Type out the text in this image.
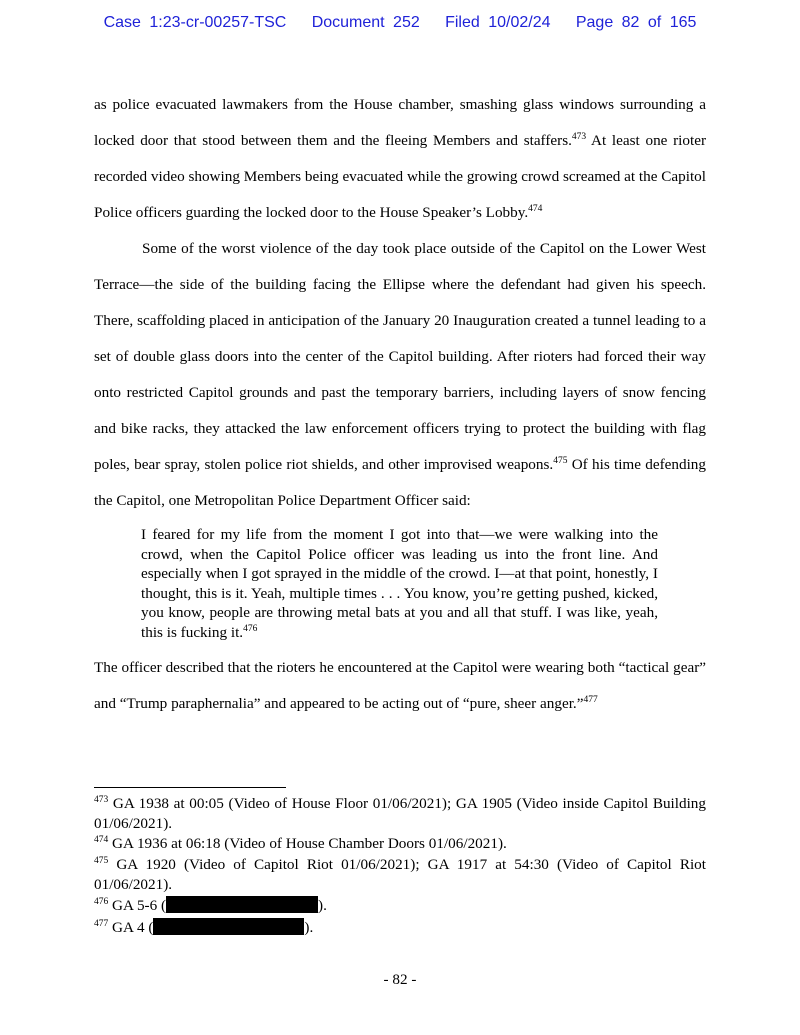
Case 1:23-cr-00257-TSC Document 252 Filed 10/02/24 Page 82 of 165
as police evacuated lawmakers from the House chamber, smashing glass windows surrounding a locked door that stood between them and the fleeing Members and staffers.$^{473}$ At least one rioter recorded video showing Members being evacuated while the growing crowd screamed at the Capitol Police officers guarding the locked door to the House Speaker’s Lobby.$^{474}$
Some of the worst violence of the day took place outside of the Capitol on the Lower West Terrace—the side of the building facing the Ellipse where the defendant had given his speech. There, scaffolding placed in anticipation of the January 20 Inauguration created a tunnel leading to a set of double glass doors into the center of the Capitol building. After rioters had forced their way onto restricted Capitol grounds and past the temporary barriers, including layers of snow fencing and bike racks, they attacked the law enforcement officers trying to protect the building with flag poles, bear spray, stolen police riot shields, and other improvised weapons.$^{475}$ Of his time defending the Capitol, one Metropolitan Police Department Officer said:
I feared for my life from the moment I got into that—we were walking into the crowd, when the Capitol Police officer was leading us into the front line. And especially when I got sprayed in the middle of the crowd. I—at that point, honestly, I thought, this is it. Yeah, multiple times . . . You know, you’re getting pushed, kicked, you know, people are throwing metal bats at you and all that stuff. I was like, yeah, this is fucking it.$^{476}$
The officer described that the rioters he encountered at the Capitol were wearing both “tactical gear” and “Trump paraphernalia” and appeared to be acting out of “pure, sheer anger.”$^{477}$
$^{473}$ GA 1938 at 00:05 (Video of House Floor 01/06/2021); GA 1905 (Video inside Capitol Building 01/06/2021).
$^{474}$ GA 1936 at 06:18 (Video of House Chamber Doors 01/06/2021).
$^{475}$ GA 1920 (Video of Capitol Riot 01/06/2021); GA 1917 at 54:30 (Video of Capitol Riot 01/06/2021).
$^{476}$ GA 5-6 (	).
$^{477}$ GA 4 (	).
- 82 -
